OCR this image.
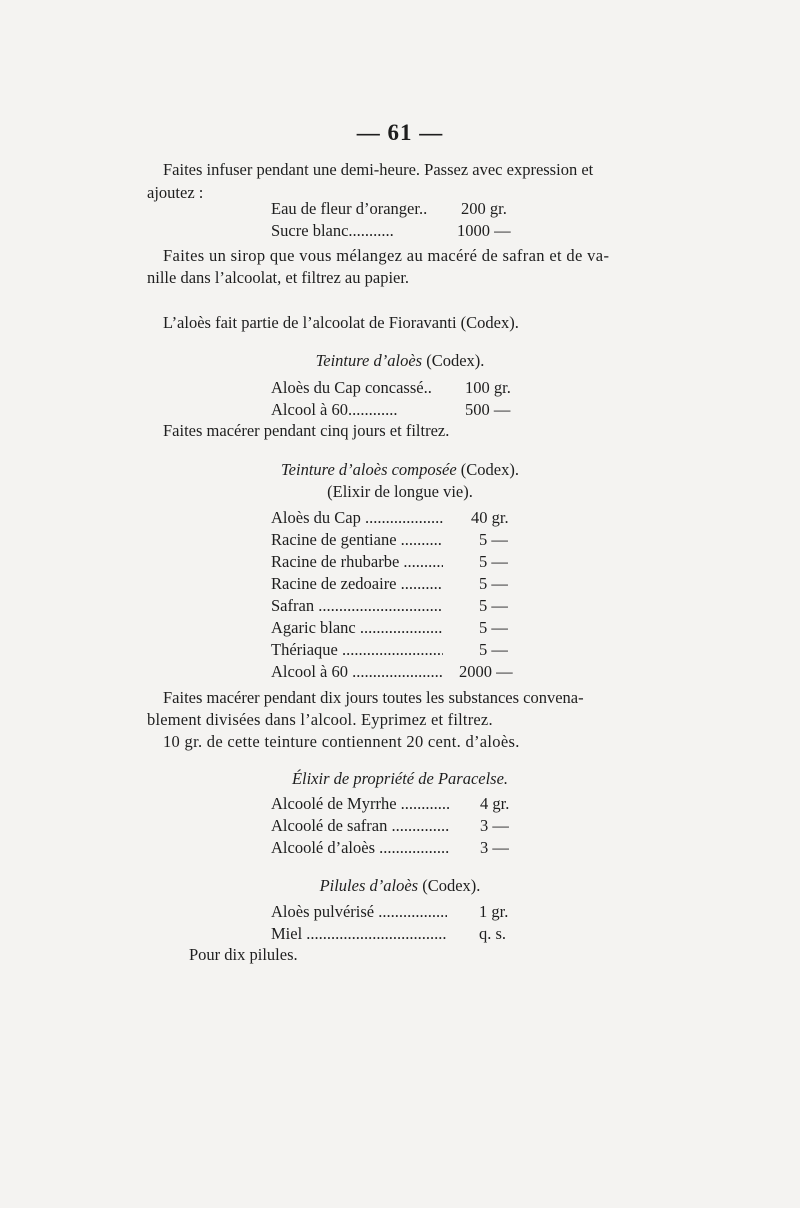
— 61 —
Faites infuser pendant une demi-heure. Passez avec expression et
ajoutez :
Eau de fleur d’oranger.. 200 gr.
Sucre blanc...........	1000 —
Faites un sirop que vous mélangez au macéré de safran et de va-
nille dans l’alcoolat, et filtrez au papier.
L’aloès fait partie de l’alcoolat de Fioravanti (Codex).
Teinture d’aloès (Codex).
Aloès du Cap concassé.. 100 gr.
Alcool à 60............	500 —
Faites macérer pendant cinq jours et filtrez.
Teinture d’aloès composée (Codex).
(Elixir de longue vie).
Aloès du Cap .....	40 gr.
Racine de gentiane .....	5 —
Racine de rhubarbe .....	5 —
Racine de zedoaire .....	5 —
Safran .....	5 —
Agaric blanc .....	5 —
Thériaque .....	5 —
Alcool à 60 .....	2000 —
Faites macérer pendant dix jours toutes les substances convena-
blement divisées dans l’alcool. Eyprimez et filtrez.
10 gr. de cette teinture contiennent 20 cent. d’aloès.
Élixir de propriété de Paracelse.
Alcoolé de Myrrhe .....	4 gr.
Alcoolé de safran .....	3 —
Alcoolé d’aloès .....	3 —
Pilules d’aloès (Codex).
Aloès pulvérisé .....	1 gr.
Miel .....	q. s.
Pour dix pilules.
